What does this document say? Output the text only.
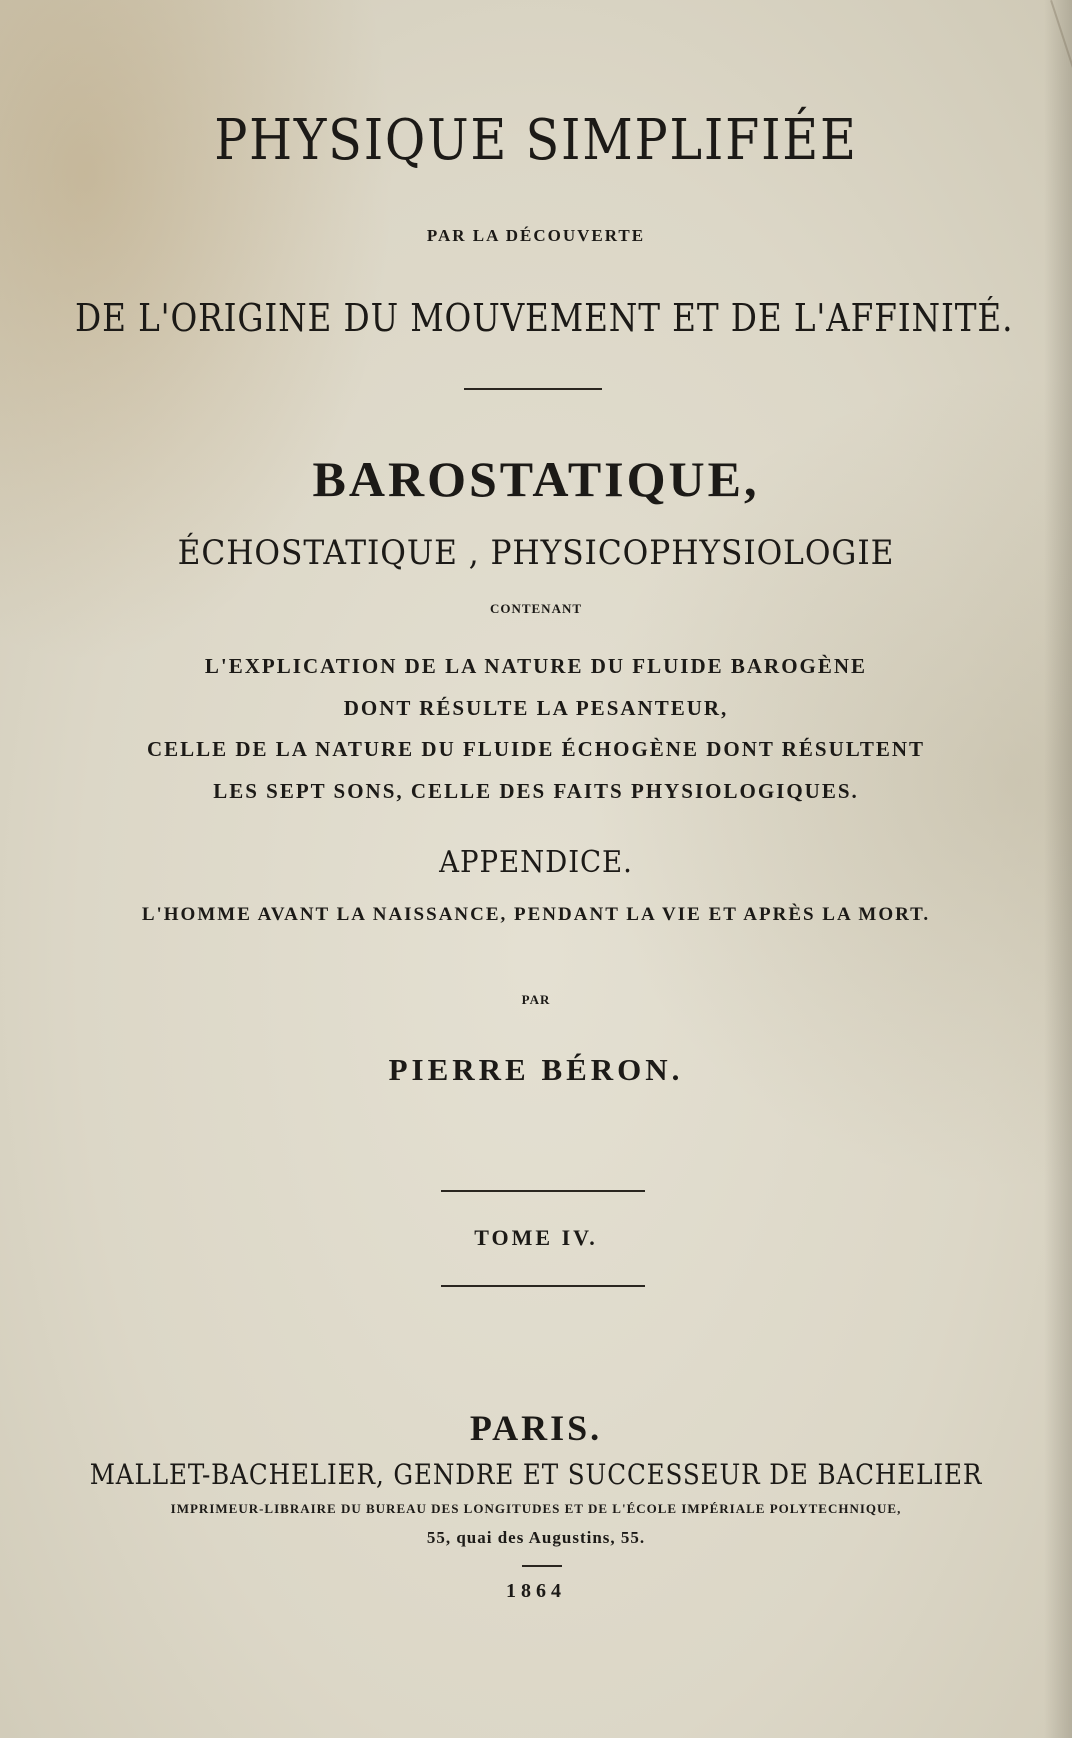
PHYSIQUE SIMPLIFIÉE
PAR LA DÉCOUVERTE
DE L'ORIGINE DU MOUVEMENT ET DE L'AFFINITÉ.
BAROSTATIQUE,
ÉCHOSTATIQUE , PHYSICOPHYSIOLOGIE
CONTENANT
L'EXPLICATION DE LA NATURE DU FLUIDE BAROGÈNE
DONT RÉSULTE LA PESANTEUR,
CELLE DE LA NATURE DU FLUIDE ÉCHOGÈNE DONT RÉSULTENT
LES SEPT SONS, CELLE DES FAITS PHYSIOLOGIQUES.
APPENDICE.
L'HOMME AVANT LA NAISSANCE, PENDANT LA VIE ET APRÈS LA MORT.
PAR
PIERRE BÉRON.
TOME IV.
PARIS.
MALLET-BACHELIER, GENDRE ET SUCCESSEUR DE BACHELIER
IMPRIMEUR-LIBRAIRE DU BUREAU DES LONGITUDES ET DE L'ÉCOLE IMPÉRIALE POLYTECHNIQUE,
55, quai des Augustins, 55.
1864
